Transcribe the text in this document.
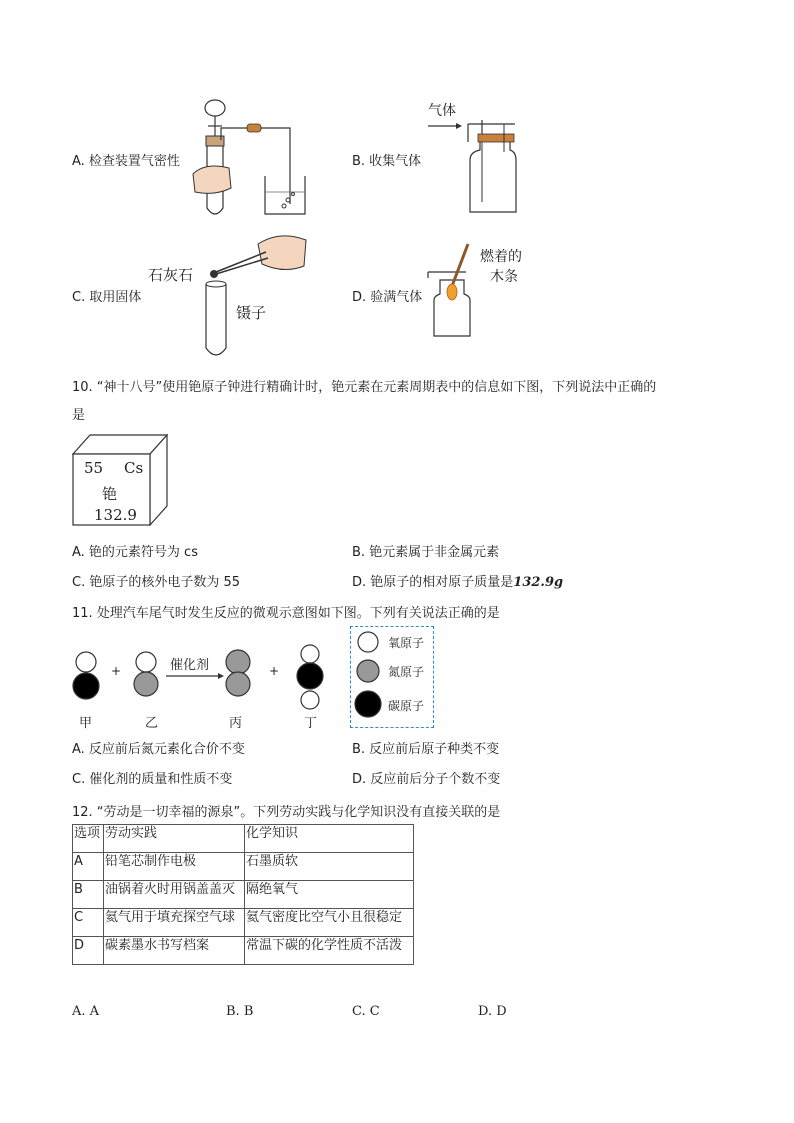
A. 检查装置气密性	B. 收集气体
气体
C. 取用固体
石灰石
镊子
D. 验满气体
燃着的
木条
10. “神十八号”使用铯原子钟进行精确计时，铯元素在元素周期表中的信息如下图，下列说法中正确的
是
55 Cs
铯
132.9
A. 铯的元素符号为 cs	B. 铯元素属于非金属元素
C. 铯原子的核外电子数为 55	D. 铯原子的相对原子质量是132.9g
11. 处理汽车尾气时发生反应的微观示意图如下图。下列有关说法正确的是
+	+
催化剂
甲	乙	丙	丁
氧原子
氮原子
碳原子
A. 反应前后氮元素化合价不变	B. 反应前后原子种类不变
C. 催化剂的质量和性质不变	D. 反应前后分子个数不变
12. “劳动是一切幸福的源泉”。下列劳动实践与化学知识没有直接关联的是
选项	劳动实践	化学知识
A	铅笔芯制作电极	石墨质软
B	油锅着火时用锅盖盖灭	隔绝氧气
C	氦气用于填充探空气球	氦气密度比空气小且很稳定
D	碳素墨水书写档案	常温下碳的化学性质不活泼
A. A	B. B	C. C	D. D
